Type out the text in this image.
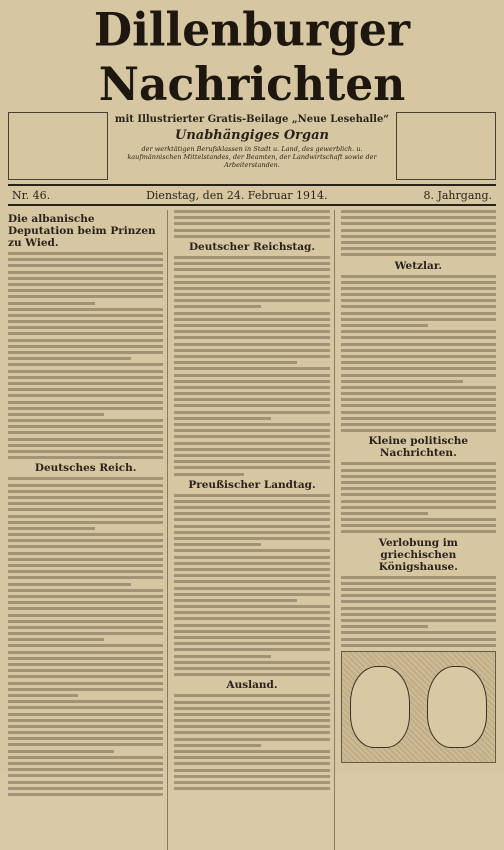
Dillenburger Nachrichten
mit Illustrierter Gratis-Beilage „Neue Lesehalle“
Unabhängiges Organ
der werktätigen Berufsklassen in Stadt u. Land, des gewerblich. u. kaufmännischen Mittelstandes, der Beamten, der Landwirtschaft sowie der Arbeiterstanden.
Nr. 46.	Dienstag, den 24. Februar 1914.	8. Jahrgang.
Die albanische Deputation beim Prinzen zu Wied.
Deutsches Reich.
Deutscher Reichstag.
Preußischer Landtag.
Ausland.
Wetzlar.
Kleine politische Nachrichten.
Verlobung im griechischen Königshause.
